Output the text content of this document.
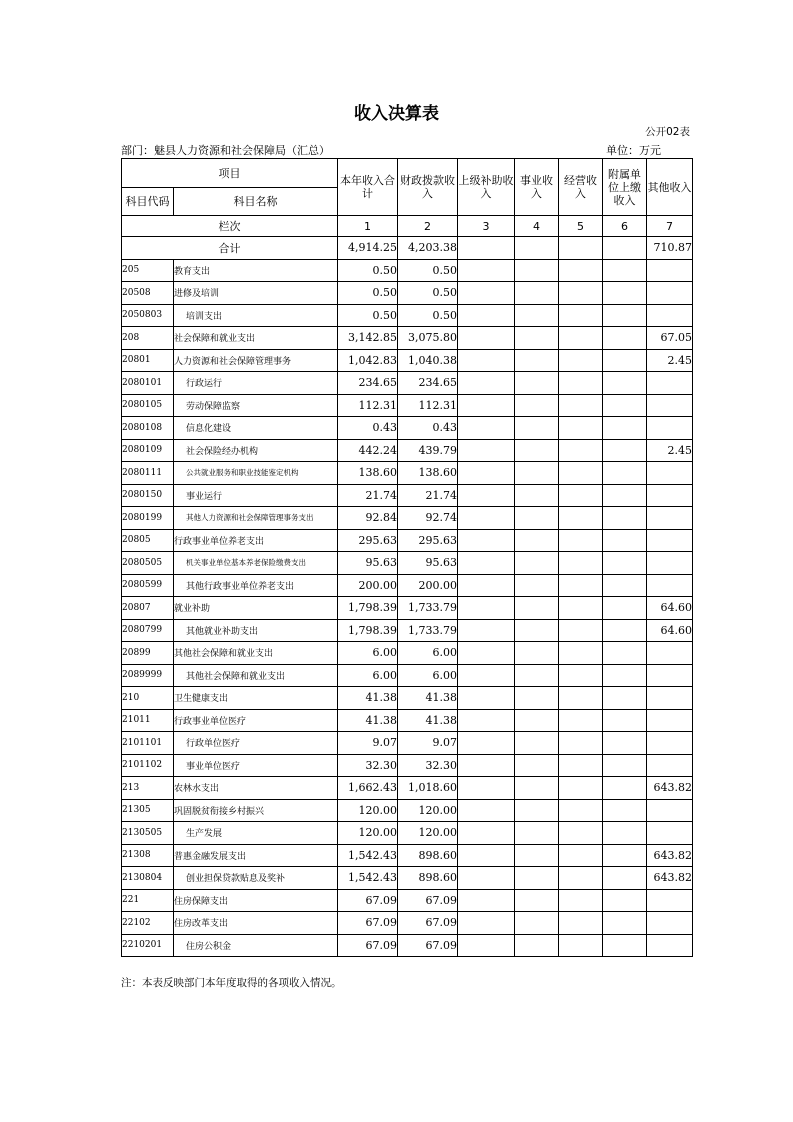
收入决算表
公开02表
部门：魅县人力资源和社会保障局（汇总）	单位：万元
项目		本年收入合计	财政拨款收入	上级补助收入	事业收入	经营收入	附属单位上缴收入	其他收入
科目代码	科目名称							
栏次		1	2	3	4	5	6	7
合计		4,914.25	4,203.38					710.87
205	教育支出	0.50	0.50					
20508	进修及培训	0.50	0.50					
2050803	培训支出	0.50	0.50					
208	社会保障和就业支出	3,142.85	3,075.80					67.05
20801	人力资源和社会保障管理事务	1,042.83	1,040.38					2.45
2080101	行政运行	234.65	234.65					
2080105	劳动保障监察	112.31	112.31					
2080108	信息化建设	0.43	0.43					
2080109	社会保险经办机构	442.24	439.79					2.45
2080111	公共就业服务和职业技能鉴定机构	138.60	138.60					
2080150	事业运行	21.74	21.74					
2080199	其他人力资源和社会保障管理事务支出	92.84	92.74					
20805	行政事业单位养老支出	295.63	295.63					
2080505	机关事业单位基本养老保险缴费支出	95.63	95.63					
2080599	其他行政事业单位养老支出	200.00	200.00					
20807	就业补助	1,798.39	1,733.79					64.60
2080799	其他就业补助支出	1,798.39	1,733.79					64.60
20899	其他社会保障和就业支出	6.00	6.00					
2089999	其他社会保障和就业支出	6.00	6.00					
210	卫生健康支出	41.38	41.38					
21011	行政事业单位医疗	41.38	41.38					
2101101	行政单位医疗	9.07	9.07					
2101102	事业单位医疗	32.30	32.30					
213	农林水支出	1,662.43	1,018.60					643.82
21305	巩固脱贫衔接乡村振兴	120.00	120.00					
2130505	生产发展	120.00	120.00					
21308	普惠金融发展支出	1,542.43	898.60					643.82
2130804	创业担保贷款贴息及奖补	1,542.43	898.60					643.82
221	住房保障支出	67.09	67.09					
22102	住房改革支出	67.09	67.09					
2210201	住房公积金	67.09	67.09					
注：本表反映部门本年度取得的各项收入情况。
